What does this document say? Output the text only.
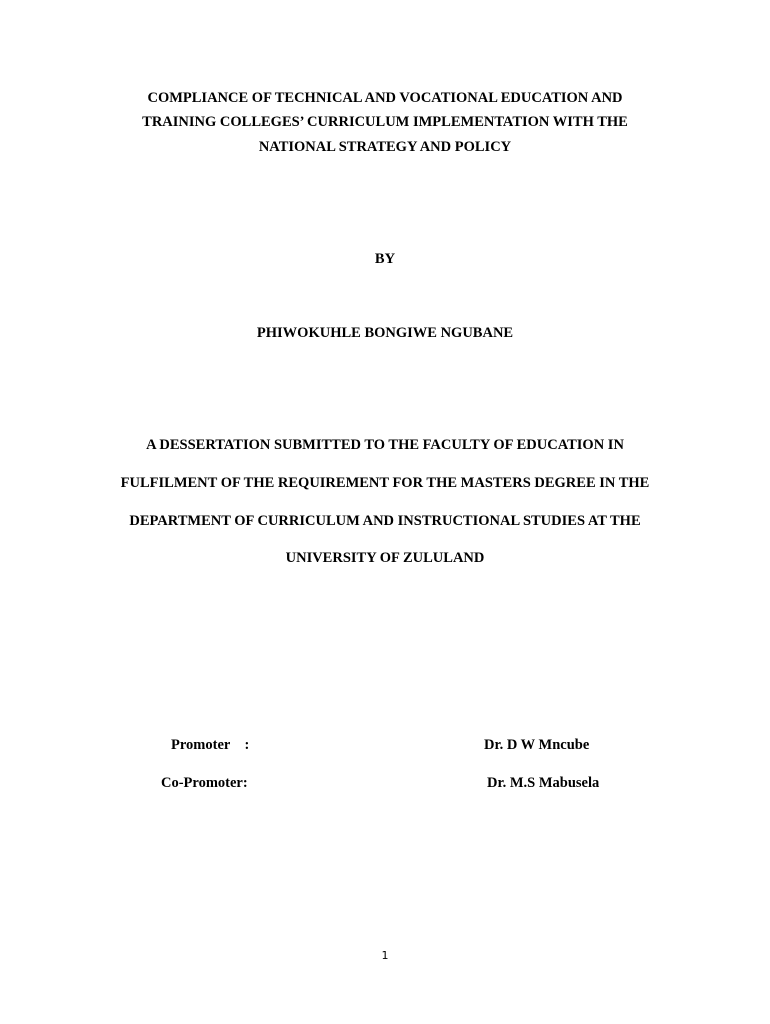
COMPLIANCE OF TECHNICAL AND VOCATIONAL EDUCATION AND
TRAINING COLLEGES’ CURRICULUM IMPLEMENTATION WITH THE
NATIONAL STRATEGY AND POLICY
BY
PHIWOKUHLE BONGIWE NGUBANE
A DESSERTATION SUBMITTED TO THE FACULTY OF EDUCATION IN
FULFILMENT OF THE REQUIREMENT FOR THE MASTERS DEGREE IN THE
DEPARTMENT OF CURRICULUM AND INSTRUCTIONAL STUDIES AT THE
UNIVERSITY OF ZULULAND
Promoter    :	Dr. D W Mncube
Co-Promoter:	Dr. M.S Mabusela
1
